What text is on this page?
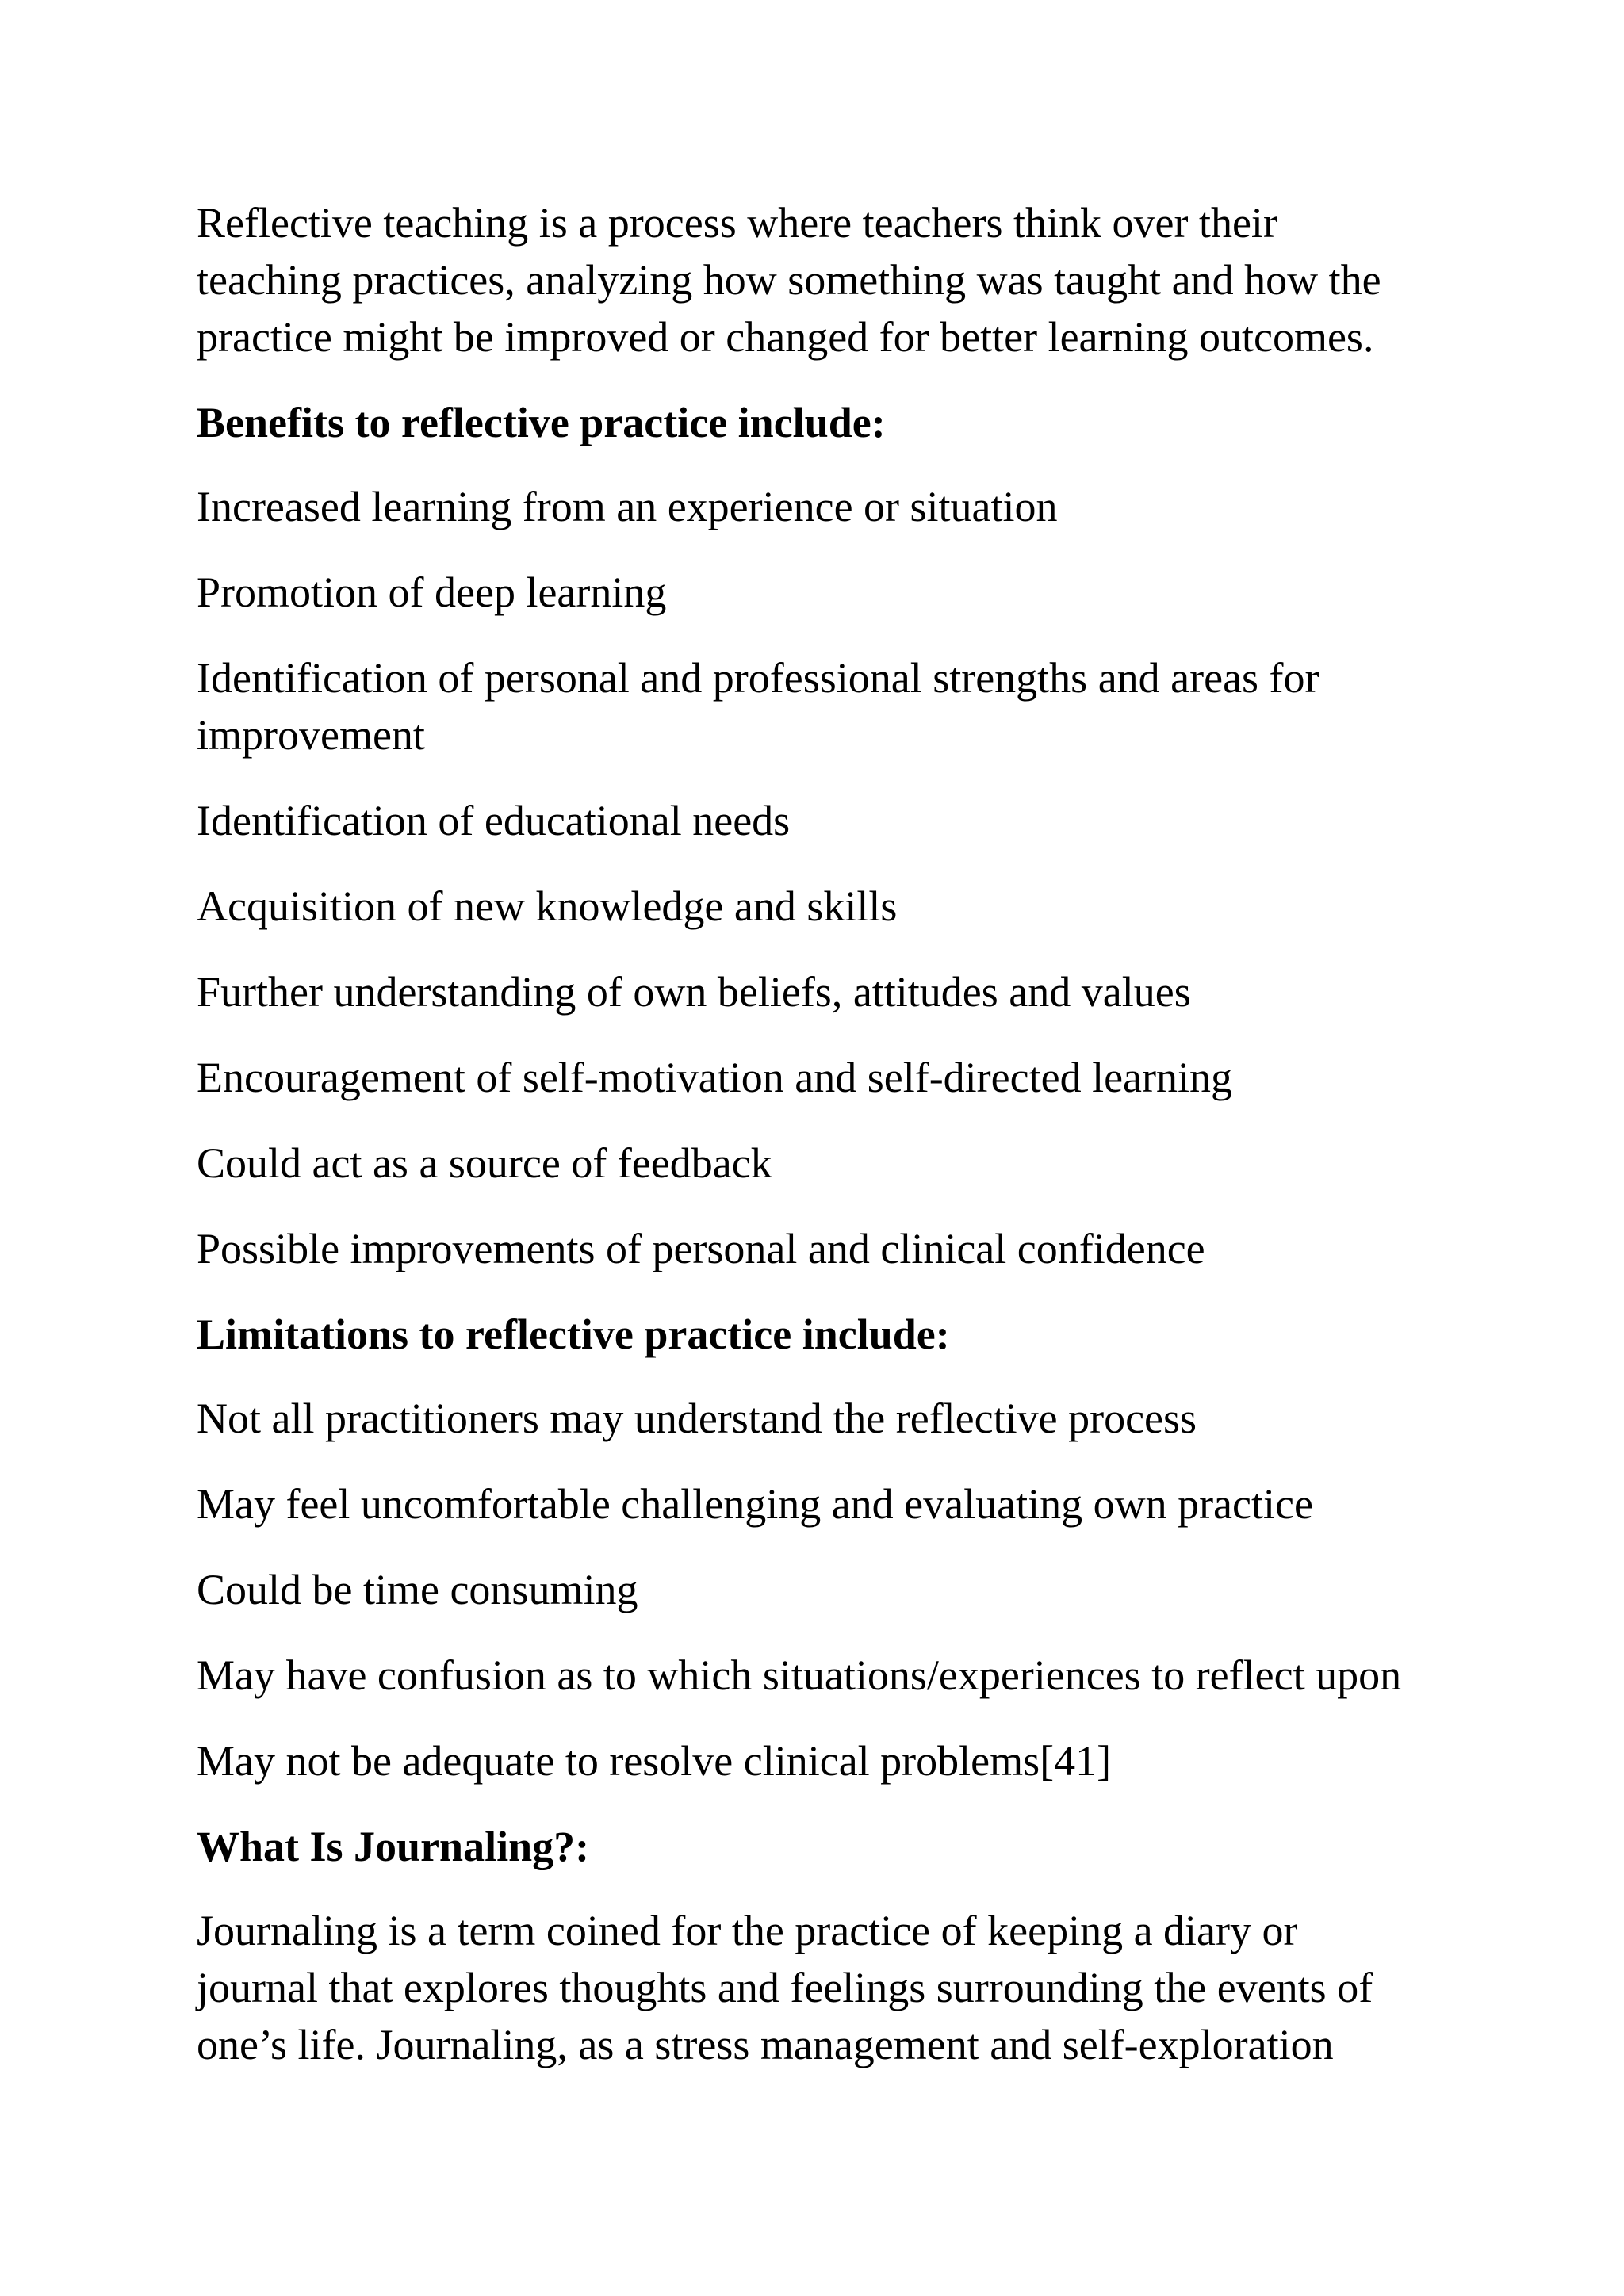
Reflective teaching is a process where teachers think over their
teaching practices, analyzing how something was taught and how the
practice might be improved or changed for better learning outcomes.

Benefits to reflective practice include:

Increased learning from an experience or situation

Promotion of deep learning

Identification of personal and professional strengths and areas for
improvement

Identification of educational needs

Acquisition of new knowledge and skills

Further understanding of own beliefs, attitudes and values

Encouragement of self-motivation and self-directed learning

Could act as a source of feedback

Possible improvements of personal and clinical confidence

Limitations to reflective practice include:

Not all practitioners may understand the reflective process

May feel uncomfortable challenging and evaluating own practice

Could be time consuming

May have confusion as to which situations/experiences to reflect upon

May not be adequate to resolve clinical problems[41]

What Is Journaling?:

Journaling is a term coined for the practice of keeping a diary or
journal that explores thoughts and feelings surrounding the events of
one’s life. Journaling, as a stress management and self-exploration
